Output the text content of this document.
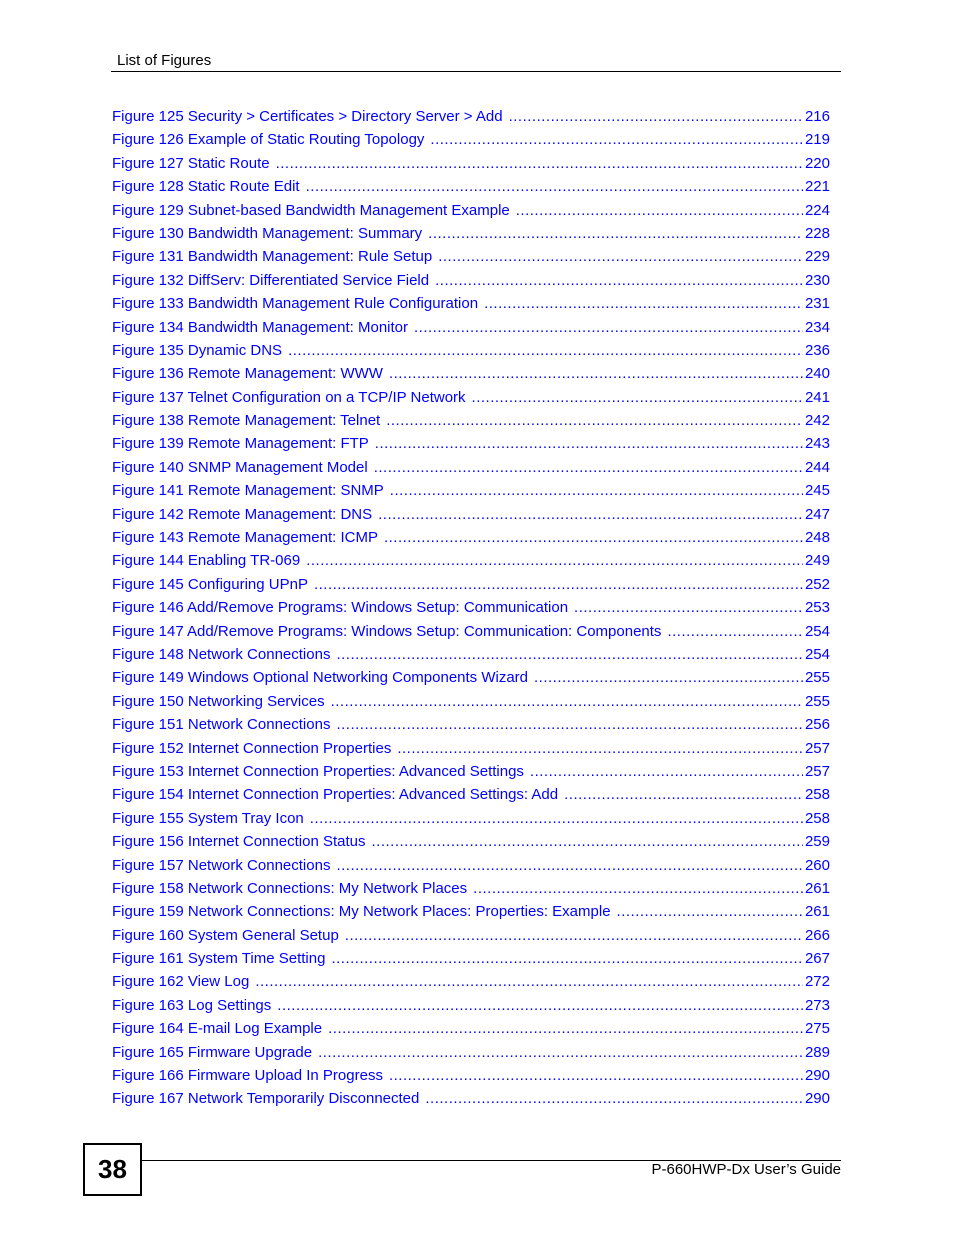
List of Figures
Figure 125 Security > Certificates > Directory Server > Add .....	216
Figure 126 Example of Static Routing Topology .....	219
Figure 127 Static Route .....	220
Figure 128 Static Route Edit .....	221
Figure 129 Subnet-based Bandwidth Management Example .....	224
Figure 130 Bandwidth Management: Summary .....	228
Figure 131 Bandwidth Management: Rule Setup .....	229
Figure 132 DiffServ: Differentiated Service Field .....	230
Figure 133 Bandwidth Management Rule Configuration .....	231
Figure 134 Bandwidth Management: Monitor .....	234
Figure 135 Dynamic DNS .....	236
Figure 136 Remote Management: WWW .....	240
Figure 137 Telnet Configuration on a TCP/IP Network .....	241
Figure 138 Remote Management: Telnet .....	242
Figure 139 Remote Management: FTP .....	243
Figure 140 SNMP Management Model .....	244
Figure 141 Remote Management: SNMP .....	245
Figure 142 Remote Management: DNS .....	247
Figure 143 Remote Management: ICMP .....	248
Figure 144 Enabling TR-069 .....	249
Figure 145 Configuring UPnP .....	252
Figure 146 Add/Remove Programs: Windows Setup: Communication .....	253
Figure 147 Add/Remove Programs: Windows Setup: Communication: Components .....	254
Figure 148 Network Connections .....	254
Figure 149 Windows Optional Networking Components Wizard .....	255
Figure 150 Networking Services .....	255
Figure 151 Network Connections .....	256
Figure 152 Internet Connection Properties .....	257
Figure 153 Internet Connection Properties: Advanced Settings .....	257
Figure 154 Internet Connection Properties: Advanced Settings: Add .....	258
Figure 155 System Tray Icon .....	258
Figure 156 Internet Connection Status .....	259
Figure 157 Network Connections .....	260
Figure 158 Network Connections: My Network Places .....	261
Figure 159 Network Connections: My Network Places: Properties: Example .....	261
Figure 160 System General Setup .....	266
Figure 161 System Time Setting .....	267
Figure 162 View Log .....	272
Figure 163 Log Settings .....	273
Figure 164 E-mail Log Example .....	275
Figure 165 Firmware Upgrade .....	289
Figure 166 Firmware Upload In Progress .....	290
Figure 167 Network Temporarily Disconnected .....	290
38	P-660HWP-Dx User’s Guide
